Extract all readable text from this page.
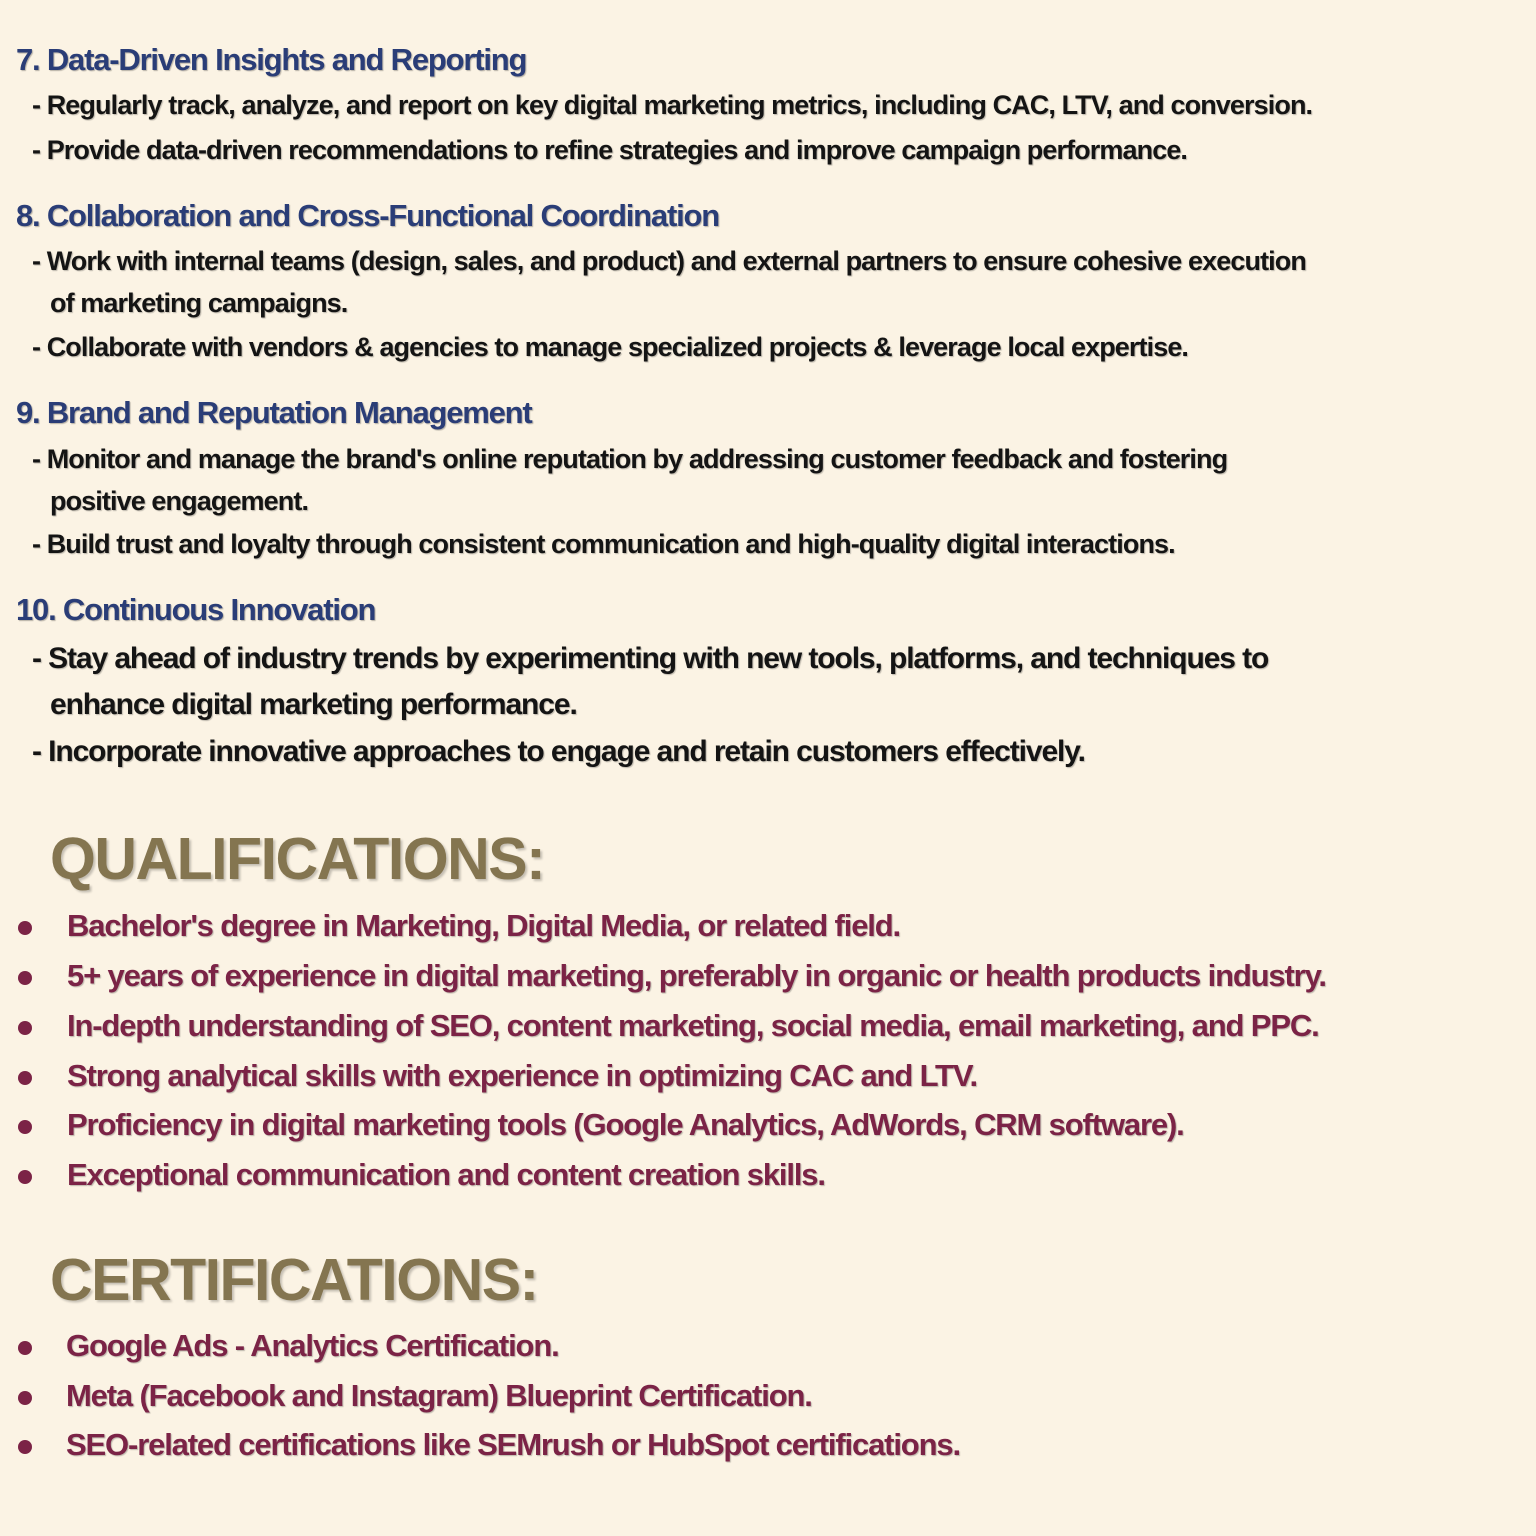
7. Data-Driven Insights and Reporting

- Regularly track, analyze, and report on key digital marketing metrics, including CAC, LTV, and conversion.

- Provide data-driven recommendations to refine strategies and improve campaign performance.

8. Collaboration and Cross-Functional Coordination

- Work with internal teams (design, sales, and product) and external partners to ensure cohesive execution

of marketing campaigns.

- Collaborate with vendors & agencies to manage specialized projects & leverage local expertise.

9. Brand and Reputation Management

- Monitor and manage the brand's online reputation by addressing customer feedback and fostering

positive engagement.

- Build trust and loyalty through consistent communication and high-quality digital interactions.

10. Continuous Innovation

- Stay ahead of industry trends by experimenting with new tools, platforms, and techniques to

enhance digital marketing performance.

- Incorporate innovative approaches to engage and retain customers effectively.

QUALIFICATIONS:
Bachelor's degree in Marketing, Digital Media, or related field.
5+ years of experience in digital marketing, preferably in organic or health products industry.
In-depth understanding of SEO, content marketing, social media, email marketing, and PPC.
Strong analytical skills with experience in optimizing CAC and LTV.
Proficiency in digital marketing tools (Google Analytics, AdWords, CRM software).
Exceptional communication and content creation skills.
CERTIFICATIONS:
Google Ads - Analytics Certification.
Meta (Facebook and Instagram) Blueprint Certification.
SEO-related certifications like SEMrush or HubSpot certifications.
